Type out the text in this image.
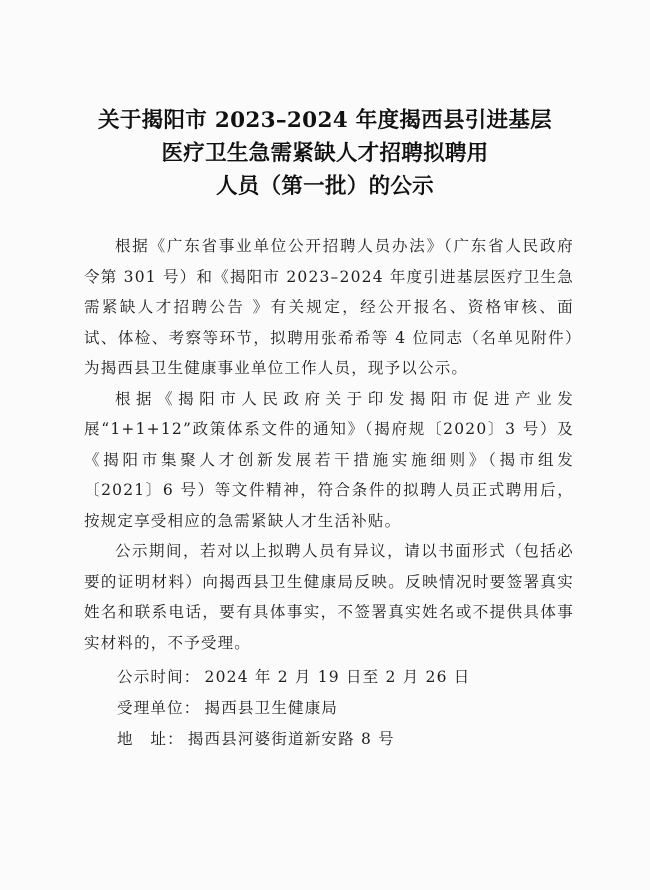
关于揭阳市 2023–2024 年度揭西县引进基层
医疗卫生急需紧缺人才招聘拟聘用
人员（第一批）的公示

根据《广东省事业单位公开招聘人员办法》（广东省人民政府令第 301 号）和《揭阳市 2023–2024 年度引进基层医疗卫生急需紧缺人才招聘公告 》有关规定，经公开报名、资格审核、面试、体检、考察等环节，拟聘用张希希等 4 位同志（名单见附件）为揭西县卫生健康事业单位工作人员，现予以公示。

根据《揭阳市人民政府关于印发揭阳市促进产业发展“1+1+12”政策体系文件的通知》（揭府规〔2020〕3 号）及《揭阳市集聚人才创新发展若干措施实施细则》（揭市组发〔2021〕6 号）等文件精神，符合条件的拟聘人员正式聘用后，按规定享受相应的急需紧缺人才生活补贴。

公示期间，若对以上拟聘人员有异议，请以书面形式（包括必要的证明材料）向揭西县卫生健康局反映。反映情况时要签署真实姓名和联系电话，要有具体事实，不签署真实姓名或不提供具体事实材料的，不予受理。

公示时间： 2024 年 2 月 19 日至 2 月 26 日
受理单位： 揭西县卫生健康局
地　址： 揭西县河婆街道新安路 8 号
